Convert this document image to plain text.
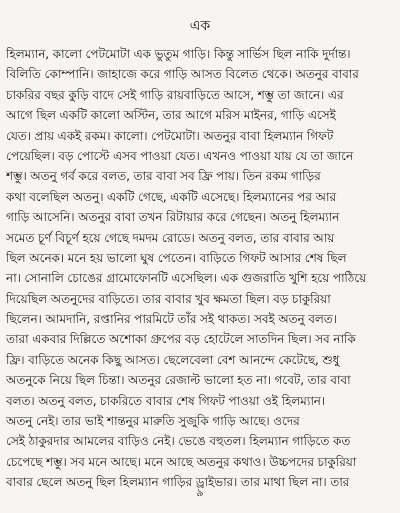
এক
হিলম্যান, কালো পেটমোটা এক ভুতুম গাড়ি। কিন্তু সার্ভিস ছিল নাকি দুর্দান্ত।
বিলিতি কোম্পানি। জাহাজে করে গাড়ি আসত বিলেত থেকে। অতনুর বাবার
চাকরির বছর কুড়ি বাদে সেই গাড়ি রায়বাড়িতে আসে, শম্ভু তা জানে। এর
আগে ছিল একটি কালো অস্টিন, তার আগে মরিস মাইনর, গাড়ি এসেই
যেত। প্রায় একই রকম। কালো। পেটমোটা। অতনুর বাবা হিলম্যান গিফট
পেয়েছিল। বড় পোস্টে এসব পাওয়া যেত। এখনও পাওয়া যায় যে তা জানে
শম্ভু। অতনু গর্ব করে বলত, তার বাবা সব ফ্রি পায়। তিন রকম গাড়ির
কথা বলেছিল অতনু। একটি গেছে, একটি এসেছে। হিলম্যানের পর আর
গাড়ি আসেনি। অতনুর বাবা তখন রিটায়ার করে গেছেন। অতনু হিলম্যান
সমেত চূর্ণ বিচূর্ণ হয়ে গেছে দমদম রোডে। অতনু বলত, তার বাবার আয়
ছিল অনেক। মনে হয় ভালো ঘুষ পেতেন। বাড়িতে গিফট আসার শেষ ছিল
না। সোনালি চোঙের গ্রামোফোনটি এসেছিল। এক গুজরাতি খুশি হয়ে পাঠিয়ে
দিয়েছিল অতনুদের বাড়িতে। তার বাবার খুব ক্ষমতা ছিল। বড় চাকুরিয়া
ছিলেন। আমদানি, রপ্তানির পারমিটে তাঁর সই থাকত। সবই অতনু বলত।
তারা একবার দিল্লিতে অশোকা গ্রুপের বড় হোটেলে সাতদিন ছিল। সব নাকি
ফ্রি। বাড়িতে অনেক কিছু আসত। ছেলেবেলা বেশ আনন্দে কেটেছে, শুধু
অতনুকে নিয়ে ছিল চিন্তা। অতনুর রেজাল্ট ভালো হত না। গবেট, তার বাবা
বলত। অতনু বলত, চাকরিতে বাবার শেষ গিফট পাওয়া ওই হিলম্যান।
অতনু নেই। তার ভাই শান্তনুর মারুতি সুজুকি গাড়ি আছে। ওদের
সেই ঠাকুরদার আমলের বাড়িও নেই। ভেঙে বহুতল। হিলম্যান গাড়িতে কত
চেপেছে শম্ভু। সব মনে আছে। মনে আছে অতনুর কথাও। উচ্চপদের চাকুরিয়া
বাবার ছেলে অতনু ছিল হিলম্যান গাড়ির ড্রাইভার। তার মাথা ছিল না। তার
৯
